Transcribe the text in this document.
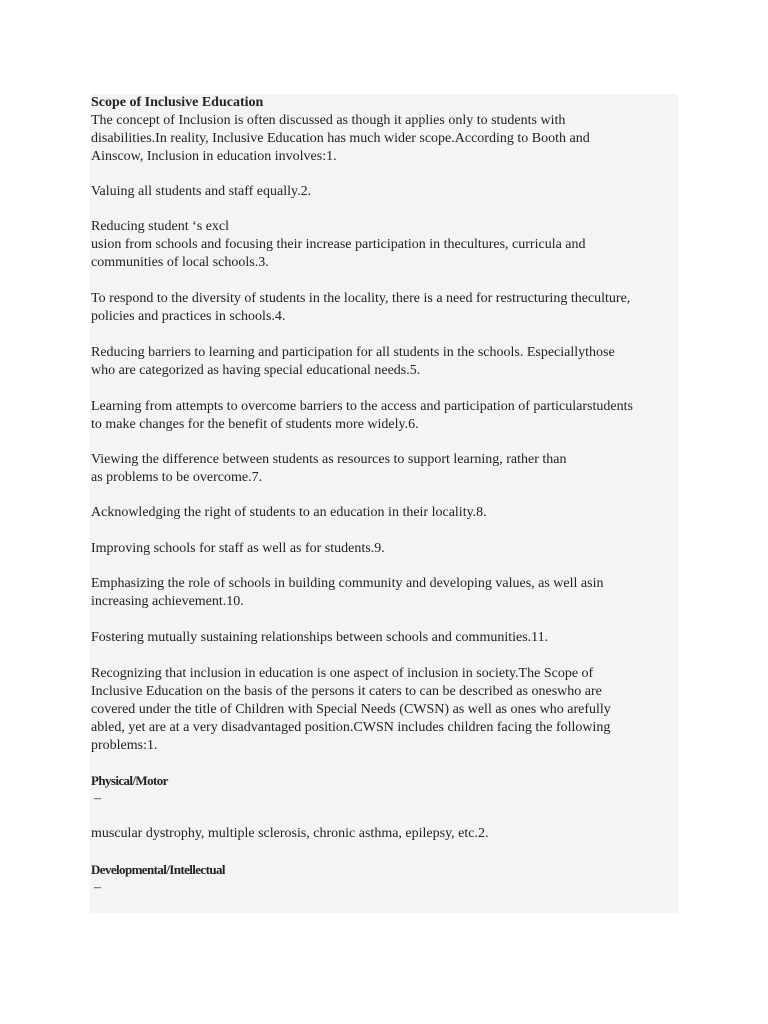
Scope of Inclusive Education
The concept of Inclusion is often discussed as though it applies only to students with
disabilities.In reality, Inclusive Education has much wider scope.According to Booth and
Ainscow, Inclusion in education involves:1.
Valuing all students and staff equally.2.
Reducing student ‘s excl
usion from schools and focusing their increase participation in thecultures, curricula and
communities of local schools.3.
To respond to the diversity of students in the locality, there is a need for restructuring theculture,
policies and practices in schools.4.
Reducing barriers to learning and participation for all students in the schools. Especiallythose
who are categorized as having special educational needs.5.
Learning from attempts to overcome barriers to the access and participation of particularstudents
to make changes for the benefit of students more widely.6.
Viewing the difference between students as resources to support learning, rather than
as problems to be overcome.7.
Acknowledging the right of students to an education in their locality.8.
Improving schools for staff as well as for students.9.
Emphasizing the role of schools in building community and developing values, as well asin
increasing achievement.10.
Fostering mutually sustaining relationships between schools and communities.11.
Recognizing that inclusion in education is one aspect of inclusion in society.The Scope of
Inclusive Education on the basis of the persons it caters to can be described as oneswho are
covered under the title of Children with Special Needs (CWSN) as well as ones who arefully
abled, yet are at a very disadvantaged position.CWSN includes children facing the following
problems:1.
Physical/Motor
–
muscular dystrophy, multiple sclerosis, chronic asthma, epilepsy, etc.2.
Developmental/Intellectual
–
